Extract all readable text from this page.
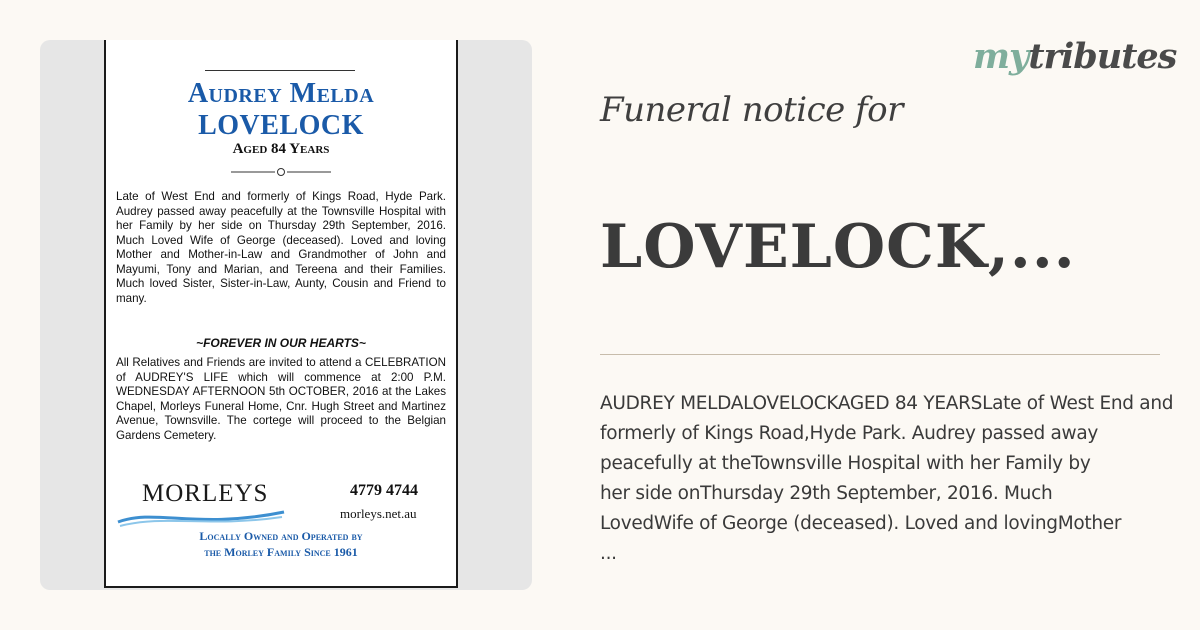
Audrey Melda
LOVELOCK
Aged 84 Years

Late of West End and formerly of Kings Road, Hyde Park. Audrey passed away peacefully at the Townsville Hospital with her Family by her side on Thursday 29th September, 2016. Much Loved Wife of George (deceased). Loved and loving Mother and Mother-in-Law and Grandmother of John and Mayumi, Tony and Marian, and Tereena and their Families. Much loved Sister, Sister-in-Law, Aunty, Cousin and Friend to many.

~FOREVER IN OUR HEARTS~

All Relatives and Friends are invited to attend a CELEBRATION of AUDREY'S LIFE which will commence at 2:00 P.M. WEDNESDAY AFTERNOON 5th OCTOBER, 2016 at the Lakes Chapel, Morleys Funeral Home, Cnr. Hugh Street and Martinez Avenue, Townsville. The cortege will proceed to the Belgian Gardens Cemetery.

MORLEYS	4779 4744
morleys.net.au
Locally Owned and Operated by
the Morley Family Since 1961
mytributes
Funeral notice for
LOVELOCK,...

AUDREY MELDALOVELOCKAGED 84 YEARSLate of West End and
formerly of Kings Road,Hyde Park. Audrey passed away
peacefully at theTownsville Hospital with her Family by
her side onThursday 29th September, 2016. Much
LovedWife of George (deceased). Loved and lovingMother
...
